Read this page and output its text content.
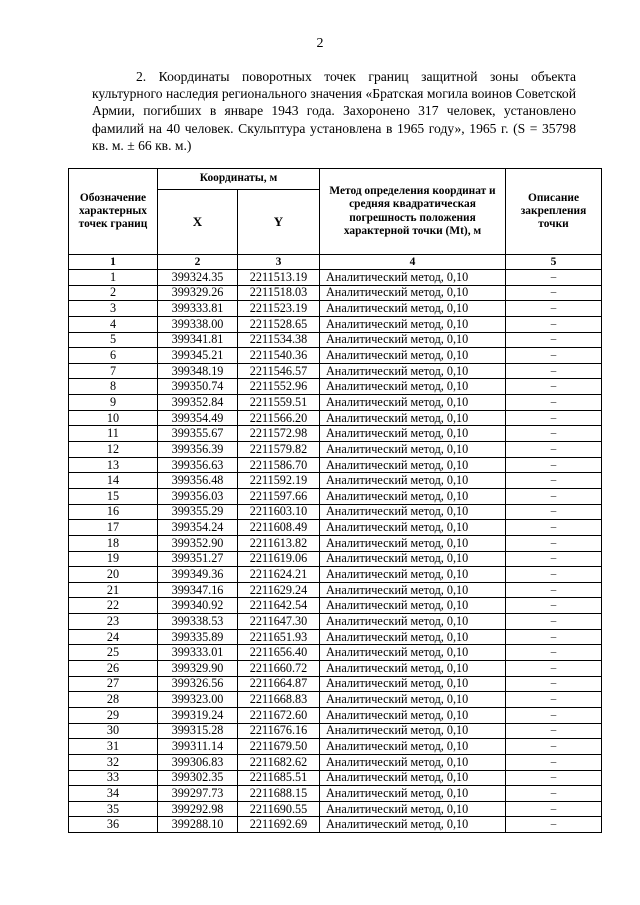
2

2. Координаты поворотных точек границ защитной зоны объекта культурного наследия регионального значения «Братская могила воинов Советской Армии, погибших в январе 1943 года. Захоронено 317 человек, установлено фамилий на 40 человек. Скульптура установлена в 1965 году», 1965 г. (S = 35798 кв. м. ± 66 кв. м.)

Обозначение характерных точек границ	Координаты, м		Метод определения координат и средняя квадратическая погрешность положения характерной точки (Mt), м	Описание закрепления точки
	X	Y		
1	2	3	4	5
1	399324.35	2211513.19	Аналитический метод, 0,10	–
2	399329.26	2211518.03	Аналитический метод, 0,10	–
3	399333.81	2211523.19	Аналитический метод, 0,10	–
4	399338.00	2211528.65	Аналитический метод, 0,10	–
5	399341.81	2211534.38	Аналитический метод, 0,10	–
6	399345.21	2211540.36	Аналитический метод, 0,10	–
7	399348.19	2211546.57	Аналитический метод, 0,10	–
8	399350.74	2211552.96	Аналитический метод, 0,10	–
9	399352.84	2211559.51	Аналитический метод, 0,10	–
10	399354.49	2211566.20	Аналитический метод, 0,10	–
11	399355.67	2211572.98	Аналитический метод, 0,10	–
12	399356.39	2211579.82	Аналитический метод, 0,10	–
13	399356.63	2211586.70	Аналитический метод, 0,10	–
14	399356.48	2211592.19	Аналитический метод, 0,10	–
15	399356.03	2211597.66	Аналитический метод, 0,10	–
16	399355.29	2211603.10	Аналитический метод, 0,10	–
17	399354.24	2211608.49	Аналитический метод, 0,10	–
18	399352.90	2211613.82	Аналитический метод, 0,10	–
19	399351.27	2211619.06	Аналитический метод, 0,10	–
20	399349.36	2211624.21	Аналитический метод, 0,10	–
21	399347.16	2211629.24	Аналитический метод, 0,10	–
22	399340.92	2211642.54	Аналитический метод, 0,10	–
23	399338.53	2211647.30	Аналитический метод, 0,10	–
24	399335.89	2211651.93	Аналитический метод, 0,10	–
25	399333.01	2211656.40	Аналитический метод, 0,10	–
26	399329.90	2211660.72	Аналитический метод, 0,10	–
27	399326.56	2211664.87	Аналитический метод, 0,10	–
28	399323.00	2211668.83	Аналитический метод, 0,10	–
29	399319.24	2211672.60	Аналитический метод, 0,10	–
30	399315.28	2211676.16	Аналитический метод, 0,10	–
31	399311.14	2211679.50	Аналитический метод, 0,10	–
32	399306.83	2211682.62	Аналитический метод, 0,10	–
33	399302.35	2211685.51	Аналитический метод, 0,10	–
34	399297.73	2211688.15	Аналитический метод, 0,10	–
35	399292.98	2211690.55	Аналитический метод, 0,10	–
36	399288.10	2211692.69	Аналитический метод, 0,10	–
